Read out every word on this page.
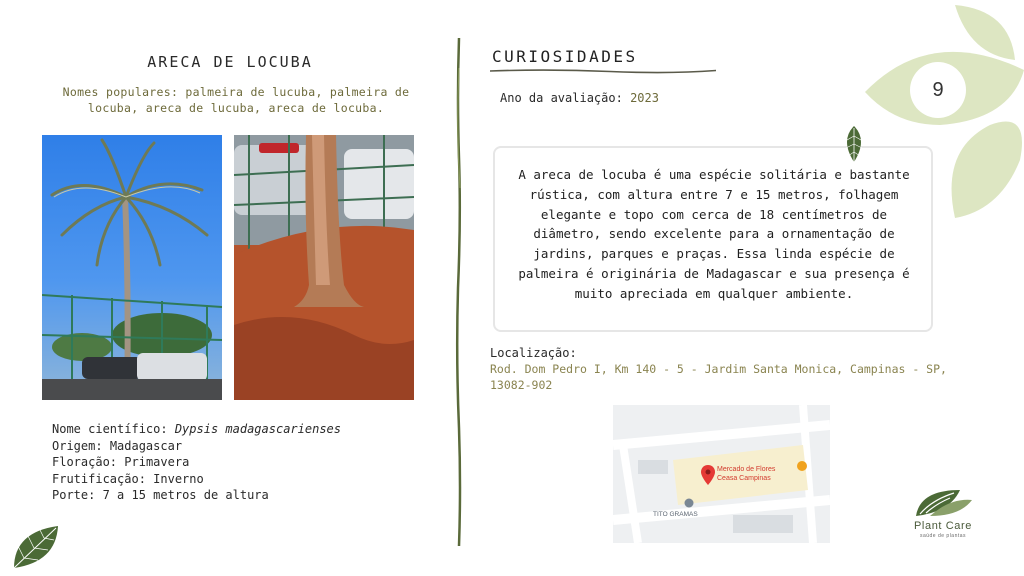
ARECA DE LOCUBA
Nomes populares: palmeira de lucuba, palmeira de locuba, areca de lucuba, areca de locuba.
Nome científico: Dypsis madagascarienses
Origem: Madagascar
Floração: Primavera
Frutificação: Inverno
Porte: 7 a 15 metros de altura
CURIOSIDADES
Ano da avaliação: 2023
A areca de locuba é uma espécie solitária e bastante rústica, com altura entre 7 e 15 metros, folhagem elegante e topo com cerca de 18 centímetros de diâmetro, sendo excelente para a ornamentação de jardins, parques e praças. Essa linda espécie de palmeira é originária de Madagascar e sua presença é muito apreciada em qualquer ambiente.
Localização:
Rod. Dom Pedro I, Km 140 - 5 - Jardim Santa Monica, Campinas - SP, 13082-902
Mercado de Flores
Ceasa Campinas
TITO GRAMAS
9
Plant Care
saúde de plantas
